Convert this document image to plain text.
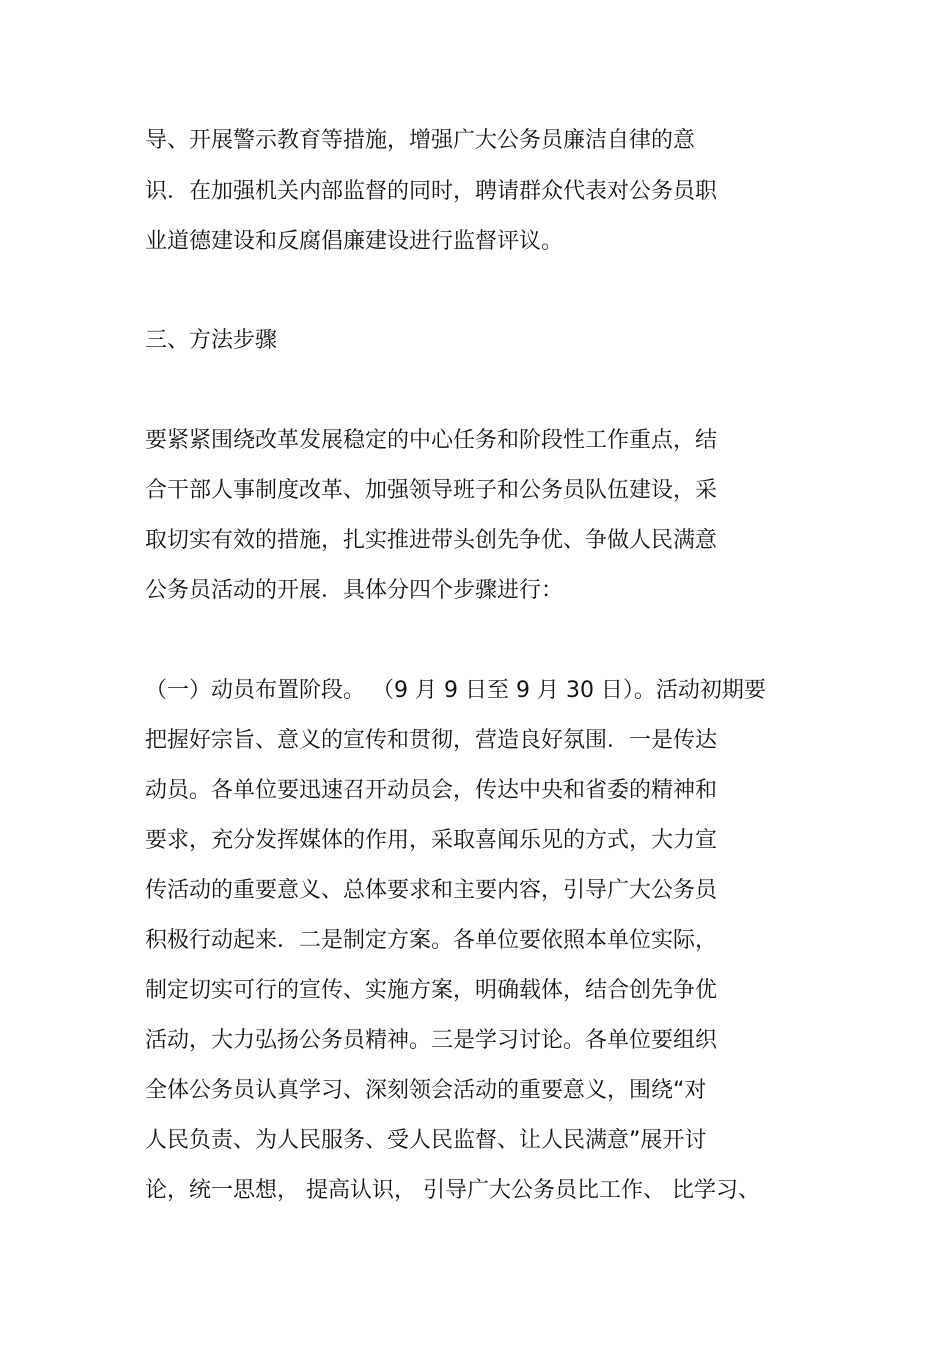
导、开展警示教育等措施，增强广大公务员廉洁自律的意

识．在加强机关内部监督的同时，聘请群众代表对公务员职

业道德建设和反腐倡廉建设进行监督评议。

三、方法步骤

要紧紧围绕改革发展稳定的中心任务和阶段性工作重点，结

合干部人事制度改革、加强领导班子和公务员队伍建设，采

取切实有效的措施，扎实推进带头创先争优、争做人民满意

公务员活动的开展．具体分四个步骤进行：

（一）动员布置阶段。 （9 月 9 日至 9 月 30 日）。活动初期要

把握好宗旨、意义的宣传和贯彻，营造良好氛围．一是传达

动员。各单位要迅速召开动员会，传达中央和省委的精神和

要求，充分发挥媒体的作用，采取喜闻乐见的方式，大力宣

传活动的重要意义、总体要求和主要内容，引导广大公务员

积极行动起来．二是制定方案。各单位要依照本单位实际，

制定切实可行的宣传、实施方案，明确载体，结合创先争优

活动，大力弘扬公务员精神。三是学习讨论。各单位要组织

全体公务员认真学习、深刻领会活动的重要意义，围绕“对

人民负责、为人民服务、受人民监督、让人民满意”展开讨

论，统一思想， 提高认识， 引导广大公务员比工作、 比学习、
